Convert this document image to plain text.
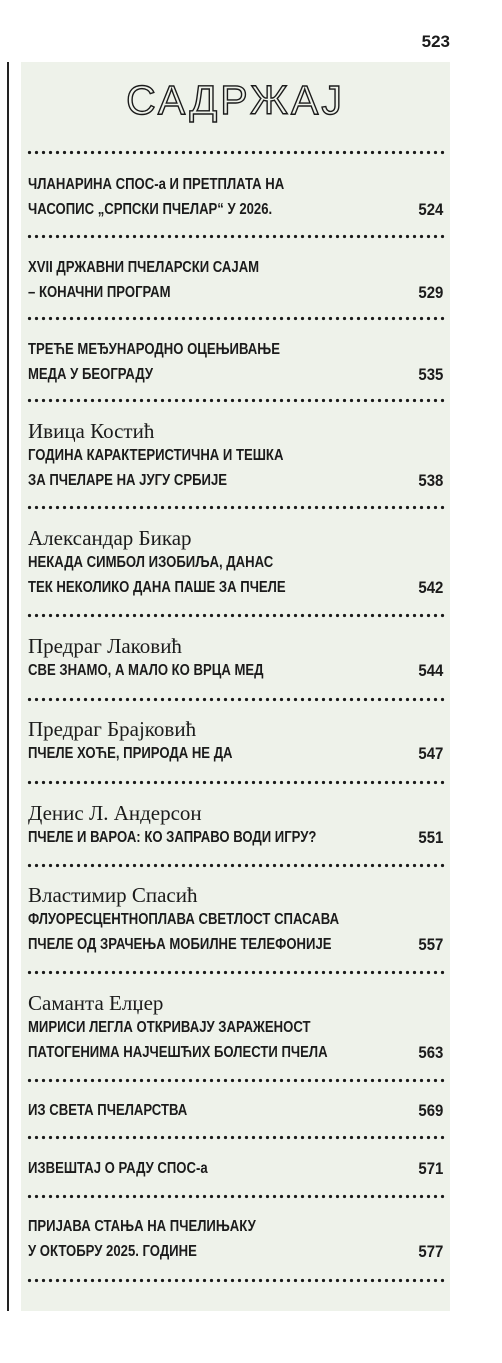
523
САДРЖАЈ
ЧЛАНАРИНА СПОС-а И ПРЕТПЛАТА НА
ЧАСОПИС „СРПСКИ ПЧЕЛАР“ У 2026.	524
XVII ДРЖАВНИ ПЧЕЛАРСКИ САЈАМ
– КОНАЧНИ ПРОГРАМ	529
ТРЕЋЕ МЕЂУНАРОДНО ОЦЕЊИВАЊЕ
МЕДА У БЕОГРАДУ	535
Ивица Костић
ГОДИНА КАРАКТЕРИСТИЧНА И ТЕШКА
ЗА ПЧЕЛАРЕ НА ЈУГУ СРБИЈЕ	538
Александар Бикар
НЕКАДА СИМБОЛ ИЗОБИЉА, ДАНАС
ТЕК НЕКОЛИКО ДАНА ПАШЕ ЗА ПЧЕЛЕ	542
Предраг Лаковић
СВЕ ЗНАМО, А МАЛО КО ВРЦА МЕД	544
Предраг Брајковић
ПЧЕЛЕ ХОЋЕ, ПРИРОДА НЕ ДА	547
Денис Л. Андерсон
ПЧЕЛЕ И ВАРОА: КО ЗАПРАВО ВОДИ ИГРУ?	551
Властимир Спасић
ФЛУОРЕСЦЕНТНОПЛАВА СВЕТЛОСТ СПАСАВА
ПЧЕЛЕ ОД ЗРАЧЕЊА МОБИЛНЕ ТЕЛЕФОНИЈЕ	557
Саманта Елџер
МИРИСИ ЛЕГЛА ОТКРИВАЈУ ЗАРАЖЕНОСТ
ПАТОГЕНИМА НАЈЧЕШЋИХ БОЛЕСТИ ПЧЕЛА	563
ИЗ СВЕТА ПЧЕЛАРСТВА	569
ИЗВЕШТАЈ О РАДУ СПОС-а	571
ПРИЈАВА СТАЊА НА ПЧЕЛИЊАКУ
У ОКТОБРУ 2025. ГОДИНЕ	577
